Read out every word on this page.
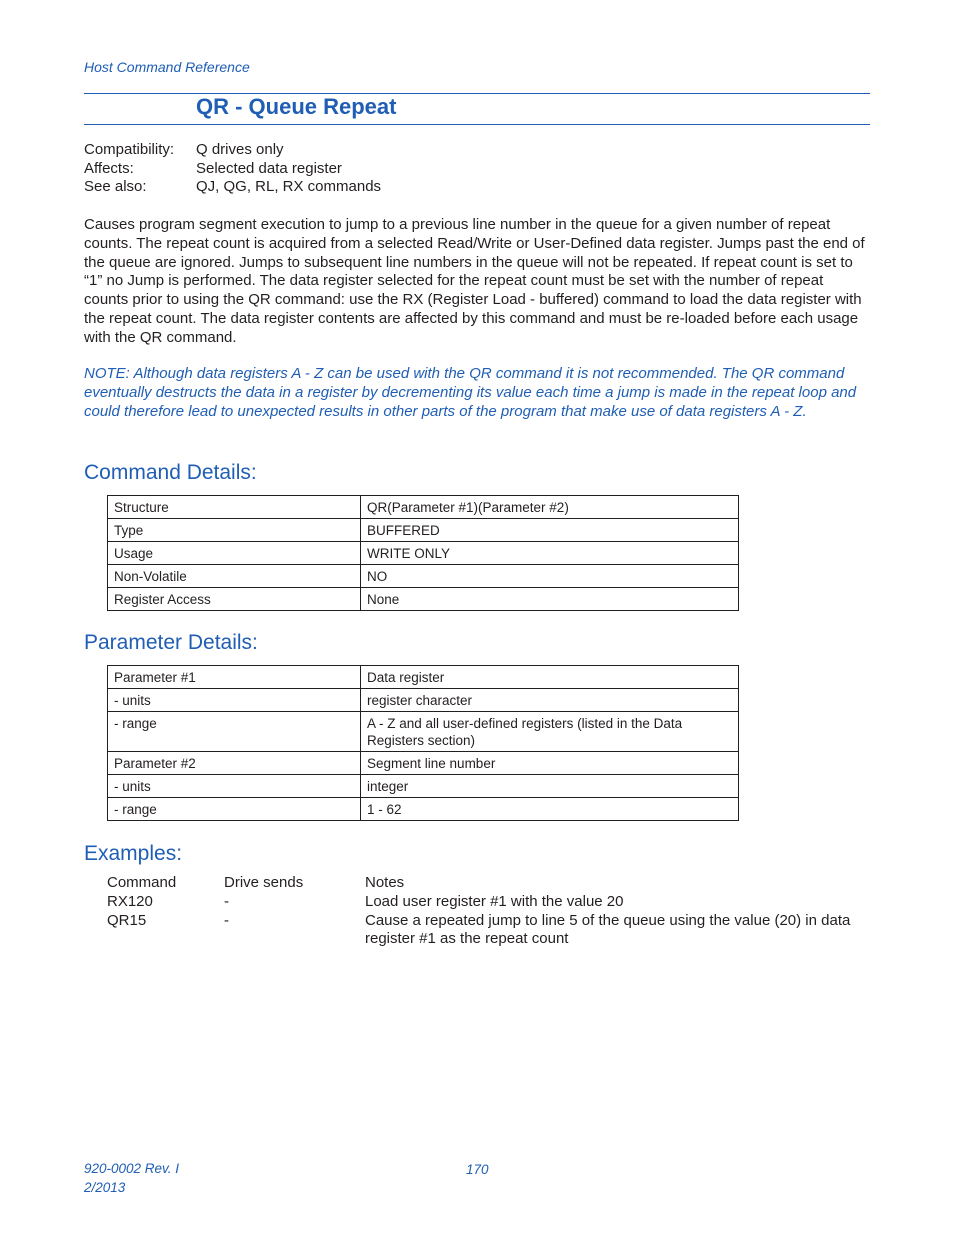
Host Command Reference
QR - Queue Repeat
Compatibility:	Q drives only
Affects:	Selected data register
See also:	QJ, QG, RL, RX commands

Causes program segment execution to jump to a previous line number in the queue for a given number of repeat counts. The repeat count is acquired from a selected Read/Write or User-Defined data register. Jumps past the end of the queue are ignored. Jumps to subsequent line numbers in the queue will not be repeated. If repeat count is set to “1” no Jump is performed. The data register selected for the repeat count must be set with the number of repeat counts prior to using the QR command: use the RX (Register Load - buffered) command to load the data register with the repeat count. The data register contents are affected by this command and must be re-loaded before each usage with the QR command.

NOTE: Although data registers A - Z can be used with the QR command it is not recommended. The QR command eventually destructs the data in a register by decrementing its value each time a jump is made in the repeat loop and could therefore lead to unexpected results in other parts of the program that make use of data registers A - Z.

Command Details:
Structure	QR(Parameter #1)(Parameter #2)
Type	BUFFERED
Usage	WRITE ONLY
Non-Volatile	NO
Register Access	None
Parameter Details:
Parameter #1	Data register
- units	register character
- range	A - Z and all user-defined registers (listed in the Data Registers section)
Parameter #2	Segment line number
- units	integer
- range	1 - 62
Examples:
Command	Drive sends	Notes
RX120	-	Load user register #1 with the value 20
QR15	-	Cause a repeated jump to line 5 of the queue using the value (20) in data register #1 as the repeat count
920-0002 Rev. I
2/2013
170
